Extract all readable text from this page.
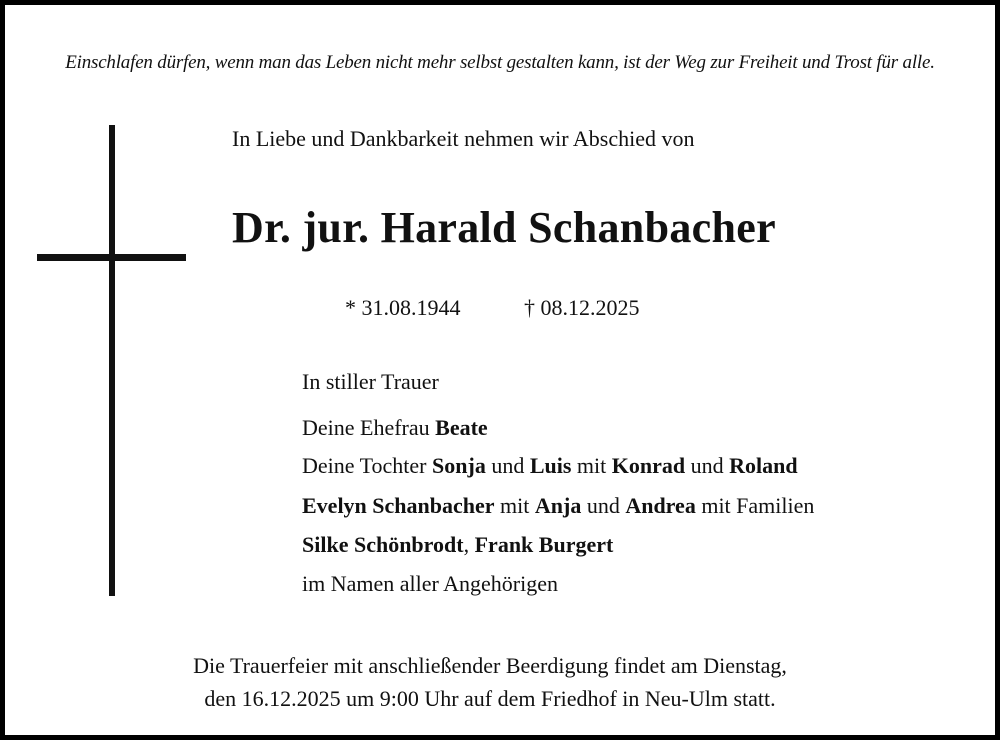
Einschlafen dürfen, wenn man das Leben nicht mehr selbst gestalten kann, ist der Weg zur Freiheit und Trost für alle.
In Liebe und Dankbarkeit nehmen wir Abschied von
Dr. jur. Harald Schanbacher
* 31.08.1944	† 08.12.2025
In stiller Trauer
Deine Ehefrau Beate
Deine Tochter Sonja und Luis mit Konrad und Roland
Evelyn Schanbacher mit Anja und Andrea mit Familien
Silke Schönbrodt, Frank Burgert
im Namen aller Angehörigen
Die Trauerfeier mit anschließender Beerdigung findet am Dienstag,
den 16.12.2025 um 9:00 Uhr auf dem Friedhof in Neu-Ulm statt.
